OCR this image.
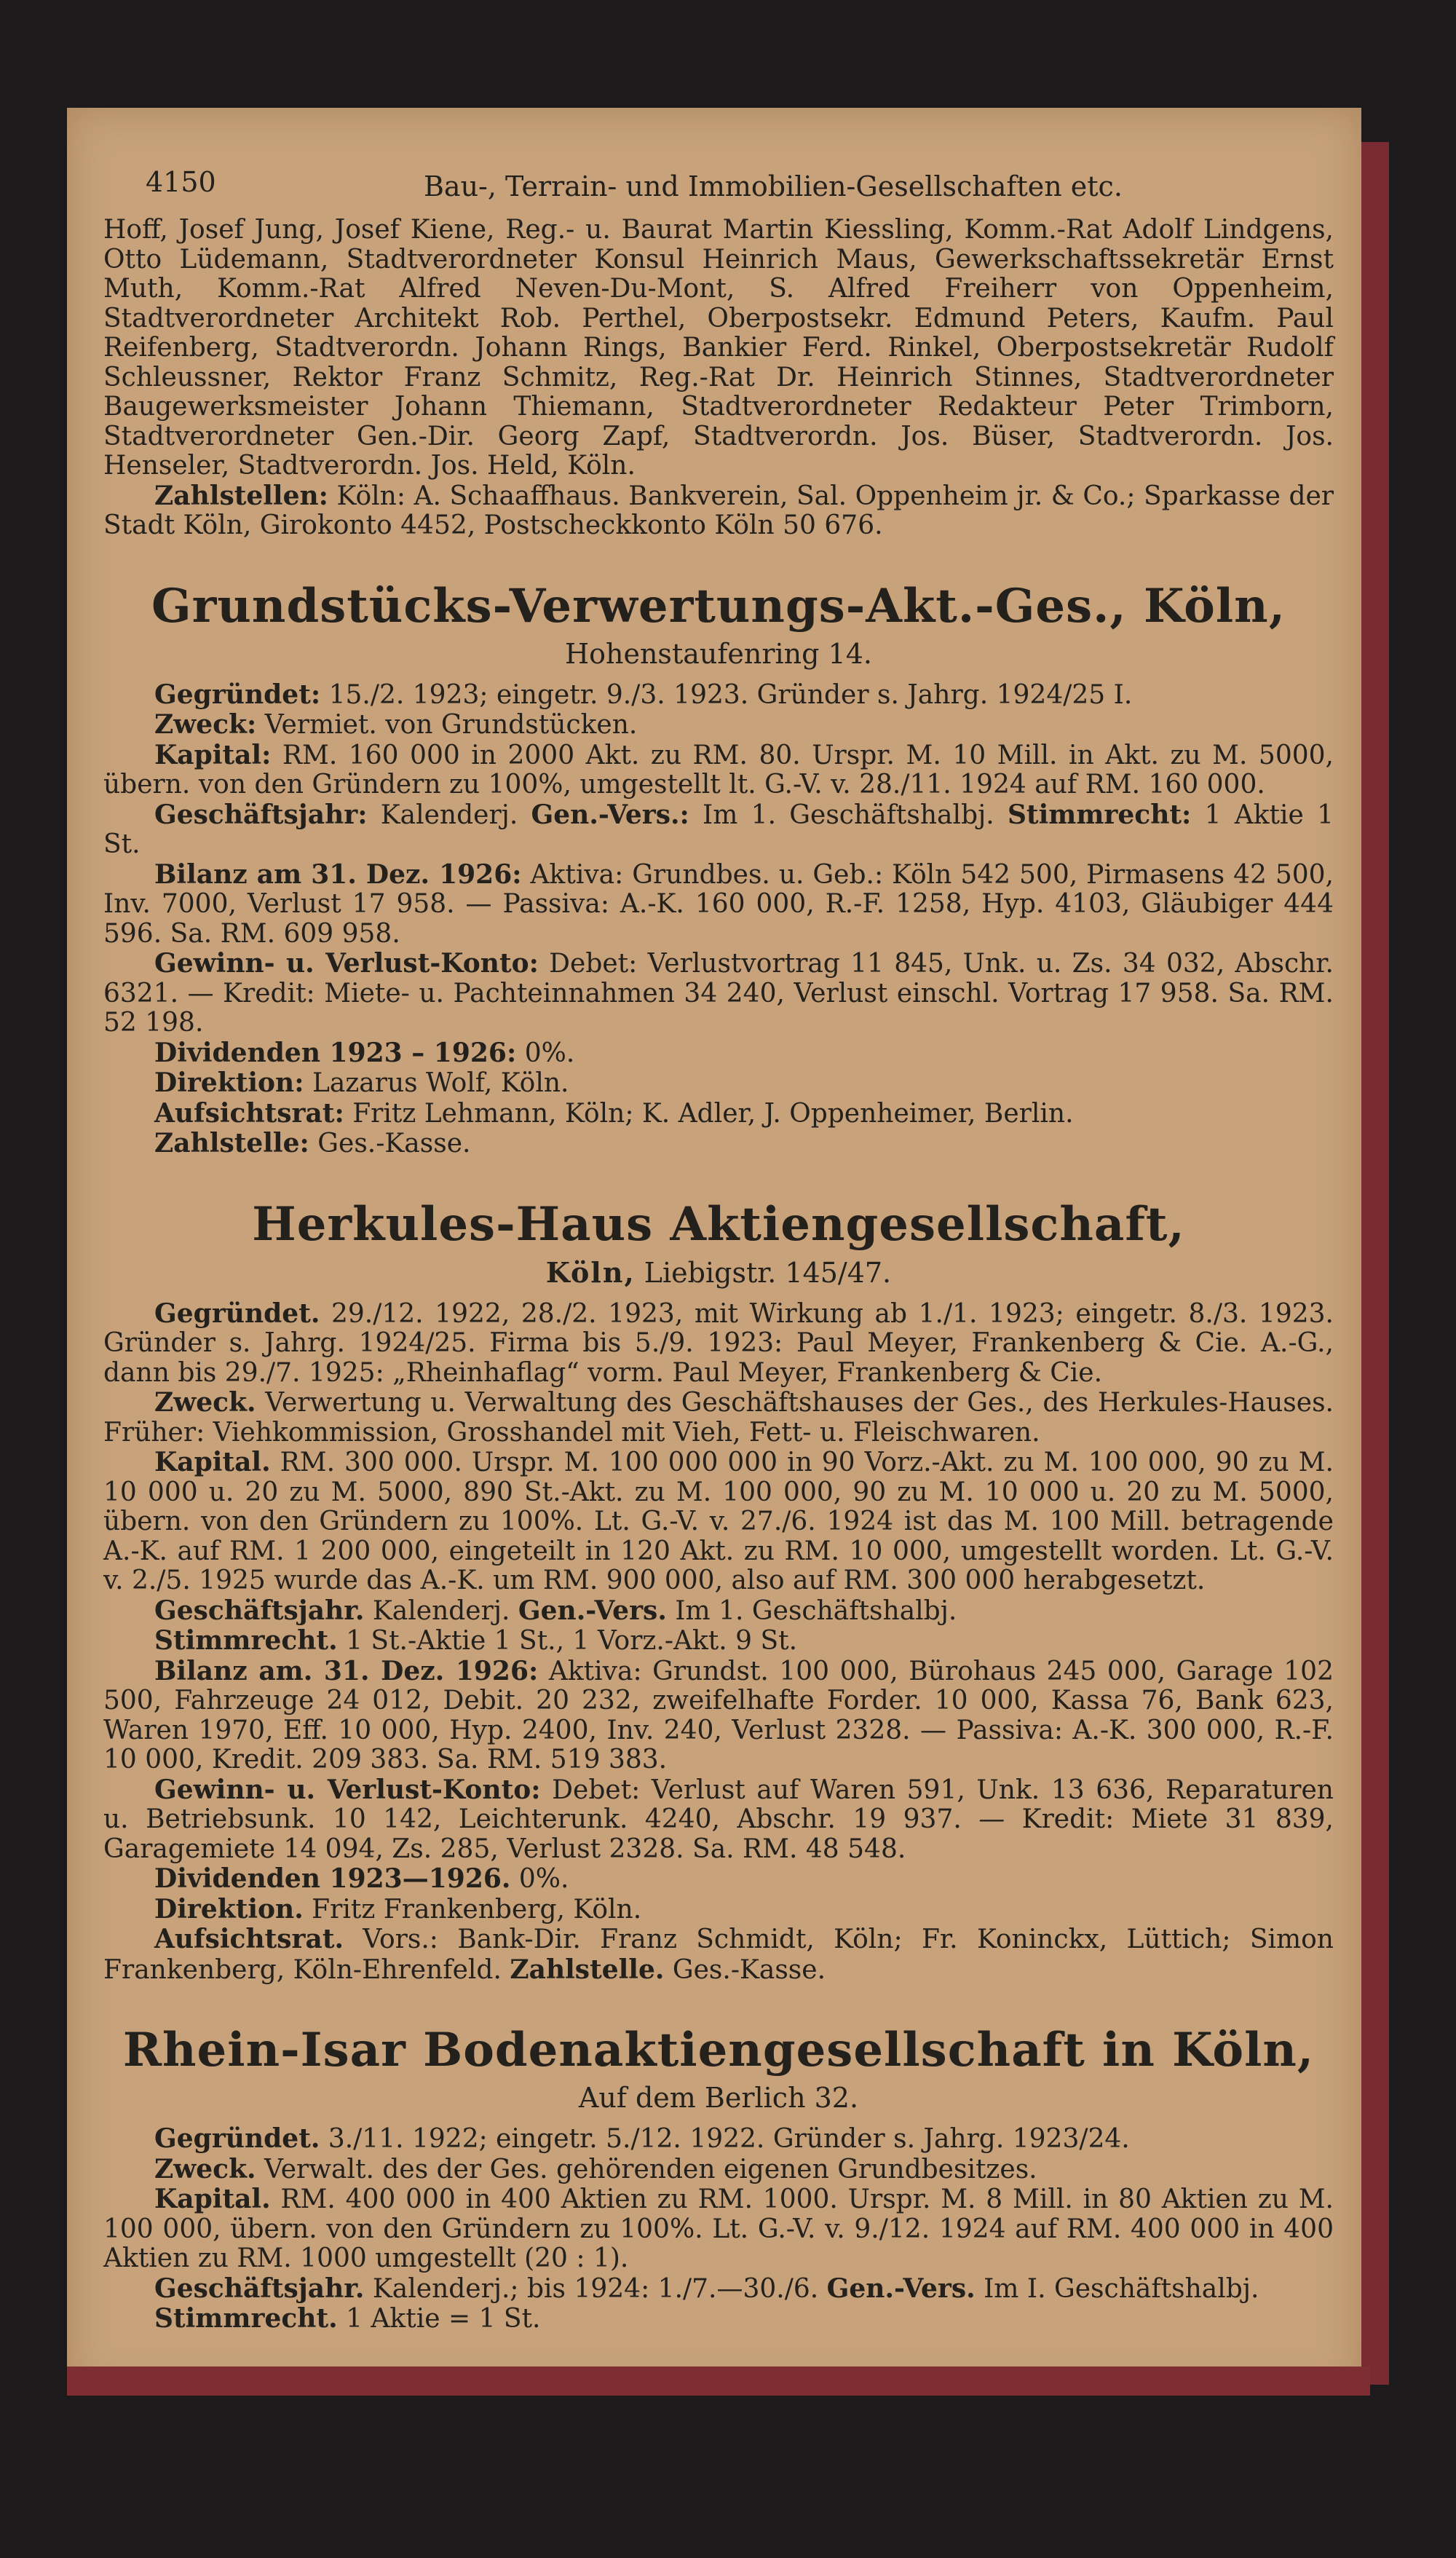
4150	Bau-, Terrain- und Immobilien-Gesellschaften etc.

Hoff, Josef Jung, Josef Kiene, Reg.- u. Baurat Martin Kiessling, Komm.-Rat Adolf Lindgens, Otto Lüdemann, Stadtverordneter Konsul Heinrich Maus, Gewerkschaftssekretär Ernst Muth, Komm.-Rat Alfred Neven-Du-Mont, S. Alfred Freiherr von Oppenheim, Stadtverordneter Architekt Rob. Perthel, Oberpostsekr. Edmund Peters, Kaufm. Paul Reifenberg, Stadtverordn. Johann Rings, Bankier Ferd. Rinkel, Oberpostsekretär Rudolf Schleussner, Rektor Franz Schmitz, Reg.-Rat Dr. Heinrich Stinnes, Stadtverordneter Baugewerksmeister Johann Thiemann, Stadtverordneter Redakteur Peter Trimborn, Stadtverordneter Gen.-Dir. Georg Zapf, Stadtverordn. Jos. Büser, Stadtverordn. Jos. Henseler, Stadtverordn. Jos. Held, Köln.

Zahlstellen: Köln: A. Schaaffhaus. Bankverein, Sal. Oppenheim jr. & Co.; Sparkasse der Stadt Köln, Girokonto 4452, Postscheckkonto Köln 50 676.

Grundstücks-Verwertungs-Akt.-Ges., Köln,
Hohenstaufenring 14.

Gegründet: 15./2. 1923; eingetr. 9./3. 1923. Gründer s. Jahrg. 1924/25 I.

Zweck: Vermiet. von Grundstücken.

Kapital: RM. 160 000 in 2000 Akt. zu RM. 80. Urspr. M. 10 Mill. in Akt. zu M. 5000, übern. von den Gründern zu 100%, umgestellt lt. G.-V. v. 28./11. 1924 auf RM. 160 000.

Geschäftsjahr: Kalenderj. Gen.-Vers.: Im 1. Geschäftshalbj. Stimmrecht: 1 Aktie 1 St.

Bilanz am 31. Dez. 1926: Aktiva: Grundbes. u. Geb.: Köln 542 500, Pirmasens 42 500, Inv. 7000, Verlust 17 958. — Passiva: A.-K. 160 000, R.-F. 1258, Hyp. 4103, Gläubiger 444 596. Sa. RM. 609 958.

Gewinn- u. Verlust-Konto: Debet: Verlustvortrag 11 845, Unk. u. Zs. 34 032, Abschr. 6321. — Kredit: Miete- u. Pachteinnahmen 34 240, Verlust einschl. Vortrag 17 958. Sa. RM. 52 198.

Dividenden 1923 – 1926: 0%.

Direktion: Lazarus Wolf, Köln.

Aufsichtsrat: Fritz Lehmann, Köln; K. Adler, J. Oppenheimer, Berlin.

Zahlstelle: Ges.-Kasse.

Herkules-Haus Aktiengesellschaft,
Köln, Liebigstr. 145/47.

Gegründet. 29./12. 1922, 28./2. 1923, mit Wirkung ab 1./1. 1923; eingetr. 8./3. 1923. Gründer s. Jahrg. 1924/25. Firma bis 5./9. 1923: Paul Meyer, Frankenberg & Cie. A.-G., dann bis 29./7. 1925: „Rheinhaflag“ vorm. Paul Meyer, Frankenberg & Cie.

Zweck. Verwertung u. Verwaltung des Geschäftshauses der Ges., des Herkules-Hauses. Früher: Viehkommission, Grosshandel mit Vieh, Fett- u. Fleischwaren.

Kapital. RM. 300 000. Urspr. M. 100 000 000 in 90 Vorz.-Akt. zu M. 100 000, 90 zu M. 10 000 u. 20 zu M. 5000, 890 St.-Akt. zu M. 100 000, 90 zu M. 10 000 u. 20 zu M. 5000, übern. von den Gründern zu 100%. Lt. G.-V. v. 27./6. 1924 ist das M. 100 Mill. betragende A.-K. auf RM. 1 200 000, eingeteilt in 120 Akt. zu RM. 10 000, umgestellt worden. Lt. G.-V. v. 2./5. 1925 wurde das A.-K. um RM. 900 000, also auf RM. 300 000 herabgesetzt.

Geschäftsjahr. Kalenderj. Gen.-Vers. Im 1. Geschäftshalbj.

Stimmrecht. 1 St.-Aktie 1 St., 1 Vorz.-Akt. 9 St.

Bilanz am. 31. Dez. 1926: Aktiva: Grundst. 100 000, Bürohaus 245 000, Garage 102 500, Fahrzeuge 24 012, Debit. 20 232, zweifelhafte Forder. 10 000, Kassa 76, Bank 623, Waren 1970, Eff. 10 000, Hyp. 2400, Inv. 240, Verlust 2328. — Passiva: A.-K. 300 000, R.-F. 10 000, Kredit. 209 383. Sa. RM. 519 383.

Gewinn- u. Verlust-Konto: Debet: Verlust auf Waren 591, Unk. 13 636, Reparaturen u. Betriebsunk. 10 142, Leichterunk. 4240, Abschr. 19 937. — Kredit: Miete 31 839, Garagemiete 14 094, Zs. 285, Verlust 2328. Sa. RM. 48 548.

Dividenden 1923—1926. 0%.

Direktion. Fritz Frankenberg, Köln.

Aufsichtsrat. Vors.: Bank-Dir. Franz Schmidt, Köln; Fr. Koninckx, Lüttich; Simon Frankenberg, Köln-Ehrenfeld. Zahlstelle. Ges.-Kasse.

Rhein-Isar Bodenaktiengesellschaft in Köln,
Auf dem Berlich 32.

Gegründet. 3./11. 1922; eingetr. 5./12. 1922. Gründer s. Jahrg. 1923/24.

Zweck. Verwalt. des der Ges. gehörenden eigenen Grundbesitzes.

Kapital. RM. 400 000 in 400 Aktien zu RM. 1000. Urspr. M. 8 Mill. in 80 Aktien zu M. 100 000, übern. von den Gründern zu 100%. Lt. G.-V. v. 9./12. 1924 auf RM. 400 000 in 400 Aktien zu RM. 1000 umgestellt (20 : 1).

Geschäftsjahr. Kalenderj.; bis 1924: 1./7.—30./6. Gen.-Vers. Im I. Geschäftshalbj.

Stimmrecht. 1 Aktie = 1 St.
